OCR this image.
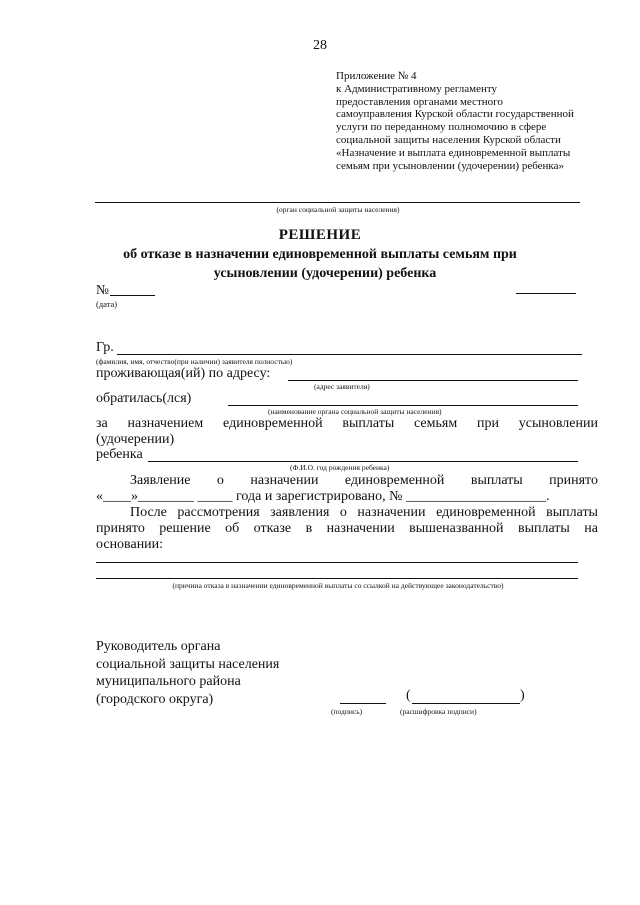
28
Приложение № 4
к Административному регламенту
предоставления органами местного
самоуправления Курской области государственной
услуги по переданному полномочию в сфере
социальной защиты населения Курской области
«Назначение и выплата единовременной выплаты
семьям при усыновлении (удочерении) ребенка»
(орган социальной защиты населения)
РЕШЕНИЕ
об отказе в назначении единовременной выплаты семьям при
усыновлении (удочерении) ребенка
№
(дата)
Гр.
(фамилия, имя, отчество(при наличии) заявителя полностью)
проживающая(ий) по адресу:
(адрес заявителя)
обратилась(лся)
(наименование органа социальной защиты населения)
за назначением единовременной выплаты семьям при усыновлении
(удочерении)
ребенка
(Ф.И.О. год рождения ребенка)
Заявление о назначении единовременной выплаты принято
«____»________ _____ года и зарегистрировано, № ____________________.
После рассмотрения заявления о назначении единовременной выплаты
принято решение об отказе в назначении вышеназванной выплаты на
основании:
(причина отказа в назначении единовременной выплаты со ссылкой на действующее законодательство)
Руководитель органа
социальной защиты населения
муниципального района
(городского округа)	(	)
(подпись)	(расшифровка подписи)
